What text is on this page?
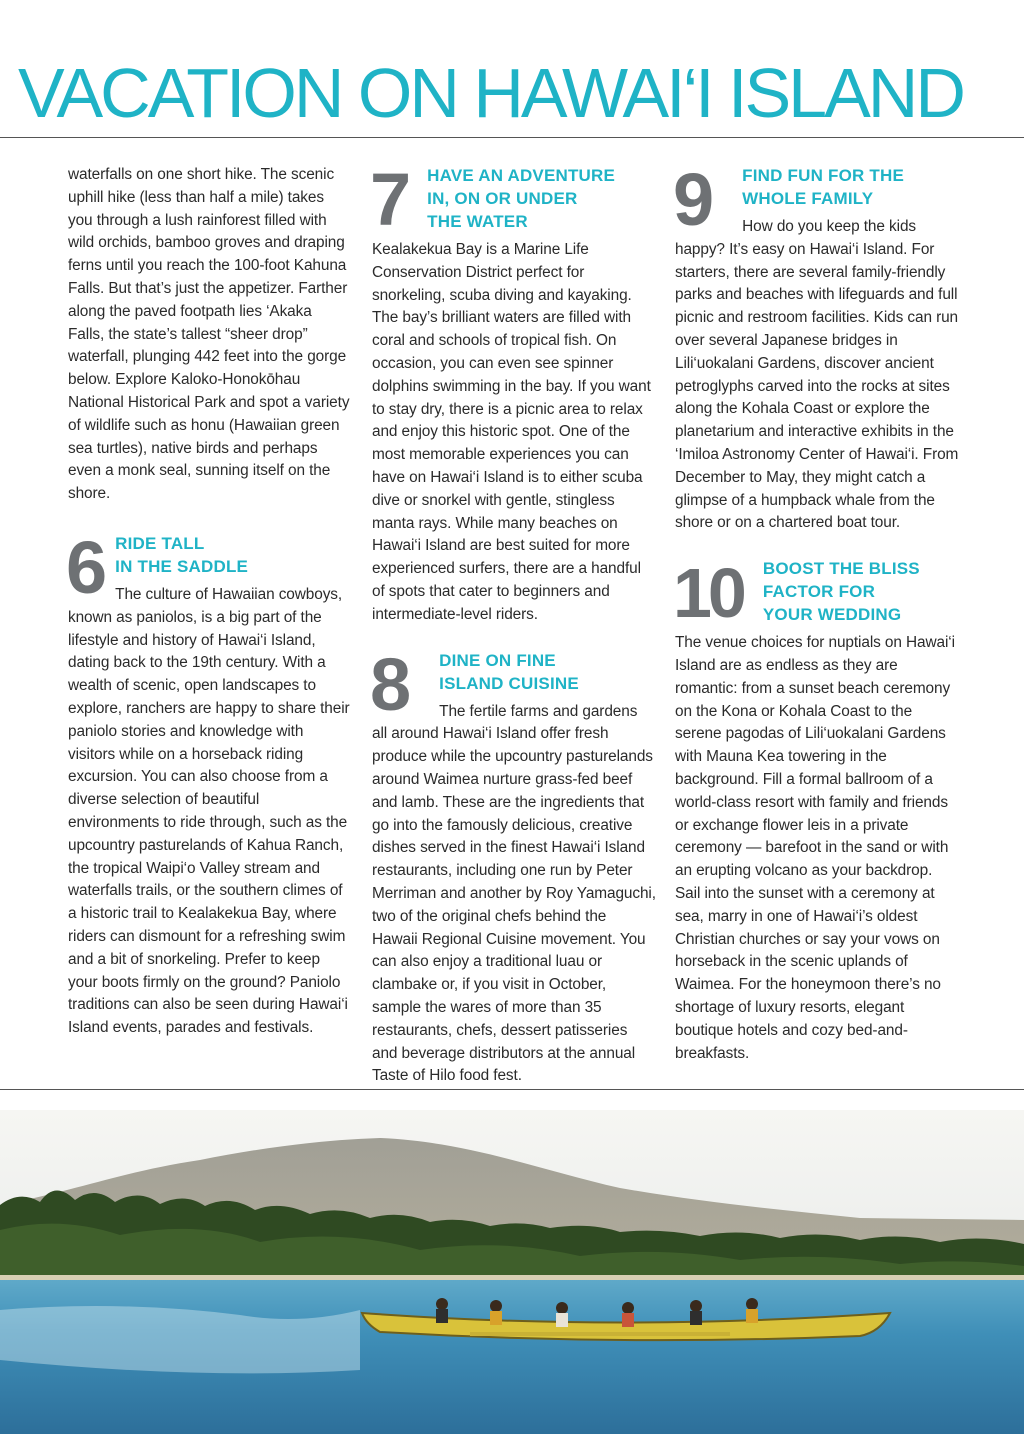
VACATION ON HAWAI‘I ISLAND

waterfalls on one short hike. The scenic uphill hike (less than half a mile) takes you through a lush rainforest filled with wild orchids, bamboo groves and draping ferns until you reach the 100-foot Kahuna Falls. But that’s just the appetizer. Farther along the paved footpath lies ‘Akaka Falls, the state’s tallest “sheer drop” waterfall, plunging 442 feet into the gorge below. Explore Kaloko-Honokōhau National Historical Park and spot a variety of wildlife such as honu (Hawaiian green sea turtles), native birds and perhaps even a monk seal, sunning itself on the shore.

6 RIDE TALL
IN THE SADDLE

The culture of Hawaiian cowboys, known as paniolos, is a big part of the lifestyle and history of Hawai‘i Island, dating back to the 19th century. With a wealth of scenic, open landscapes to explore, ranchers are happy to share their paniolo stories and knowledge with visitors while on a horseback riding excursion. You can also choose from a diverse selection of beautiful environments to ride through, such as the upcountry pasturelands of Kahua Ranch, the tropical Waipi‘o Valley stream and waterfalls trails, or the southern climes of a historic trail to Kealakekua Bay, where riders can dismount for a refreshing swim and a bit of snorkeling. Prefer to keep your boots firmly on the ground? Paniolo traditions can also be seen during Hawai‘i Island events, parades and festivals.

7	HAVE AN ADVENTURE
IN, ON OR UNDER
THE WATER

Kealakekua Bay is a Marine Life Conservation District perfect for snorkeling, scuba diving and kayaking. The bay’s brilliant waters are filled with coral and schools of tropical fish. On occasion, you can even see spinner dolphins swimming in the bay. If you want to stay dry, there is a picnic area to relax and enjoy this historic spot. One of the most memorable experiences you can have on Hawai‘i Island is to either scuba dive or snorkel with gentle, stingless manta rays. While many beaches on Hawai‘i Island are best suited for more experienced surfers, there are a handful of spots that cater to beginners and intermediate-level riders.

8	DINE ON FINE
ISLAND CUISINE

The fertile farms and gardens all around Hawai‘i Island offer fresh produce while the upcountry pasturelands around Waimea nurture grass-fed beef and lamb. These are the ingredients that go into the famously delicious, creative dishes served in the finest Hawai‘i Island restaurants, including one run by Peter Merriman and another by Roy Yamaguchi, two of the original chefs behind the Hawaii Regional Cuisine movement. You can also enjoy a traditional luau or clambake or, if you visit in October, sample the wares of more than 35 restaurants, chefs, dessert patisseries and beverage distributors at the annual Taste of Hilo food fest.

9	FIND FUN FOR THE
WHOLE FAMILY

How do you keep the kids happy? It’s easy on Hawai‘i Island. For starters, there are several family-friendly parks and beaches with lifeguards and full picnic and restroom facilities. Kids can run over several Japanese bridges in Lili‘uokalani Gardens, discover ancient petroglyphs carved into the rocks at sites along the Kohala Coast or explore the planetarium and interactive exhibits in the ‘Imiloa Astronomy Center of Hawai‘i. From December to May, they might catch a glimpse of a humpback whale from the shore or on a chartered boat tour.

10	BOOST THE BLISS
FACTOR FOR
YOUR WEDDING

The venue choices for nuptials on Hawai‘i Island are as endless as they are romantic: from a sunset beach ceremony on the Kona or Kohala Coast to the serene pagodas of Lili‘uokalani Gardens with Mauna Kea towering in the background. Fill a formal ballroom of a world-class resort with family and friends or exchange flower leis in a private ceremony — barefoot in the sand or with an erupting volcano as your backdrop. Sail into the sunset with a ceremony at sea, marry in one of Hawai‘i’s oldest Christian churches or say your vows on horseback in the scenic uplands of Waimea. For the honeymoon there’s no shortage of luxury resorts, elegant boutique hotels and cozy bed-and-breakfasts.
